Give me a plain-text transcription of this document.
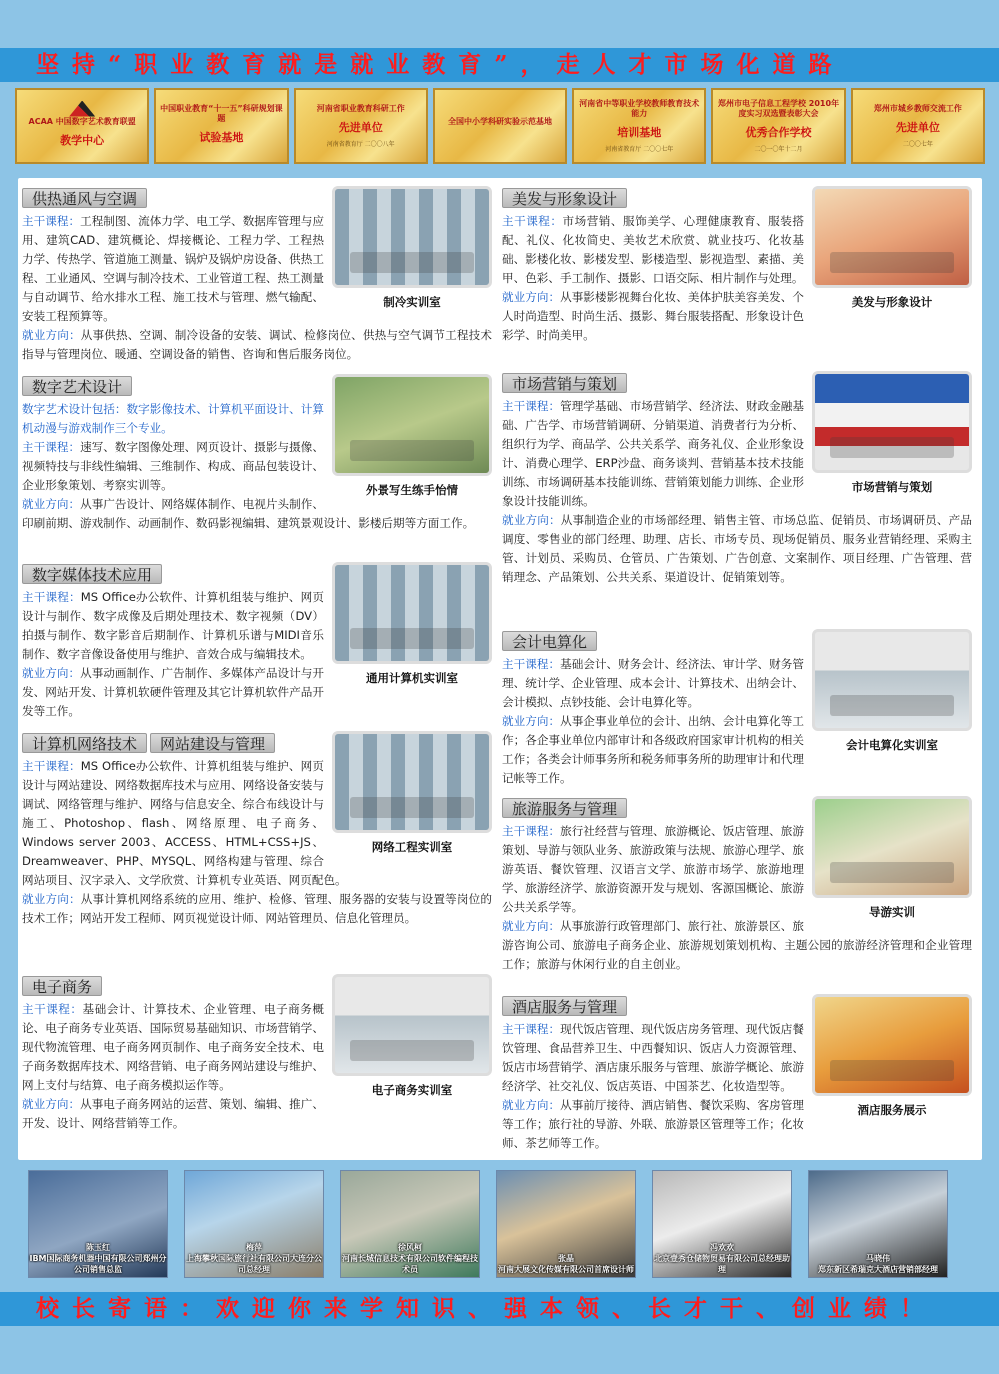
坚持“职业教育就是就业教育”，走人才市场化道路
ACAA 中国数字艺术教育联盟
教学中心
中国职业教育“十一五”科研规划课题
试验基地
河南省职业教育科研工作
先进单位
河南省教育厅 二〇〇八年
全国中小学科研实验示范基地
河南省中等职业学校教师教育技术能力
培训基地
河南省教育厅 二〇〇七年
郑州市电子信息工程学校 2010年度实习双选暨表彰大会
优秀合作学校
二〇一〇年十二月
郑州市城乡教师交流工作
先进单位
二〇〇七年
供热通风与空调
制冷实训室
主干课程：工程制图、流体力学、电工学、数据库管理与应用、建筑CAD、建筑概论、焊接概论、工程力学、工程热力学、传热学、管道施工测量、锅炉及锅炉房设备、供热工程、工业通风、空调与制冷技术、工业管道工程、热工测量与自动调节、给水排水工程、施工技术与管理、燃气输配、安装工程预算等。
就业方向：从事供热、空调、制冷设备的安装、调试、检修岗位、供热与空气调节工程技术指导与管理岗位、暖通、空调设备的销售、咨询和售后服务岗位。
数字艺术设计
外景写生练手怡情
数字艺术设计包括：数字影像技术、计算机平面设计、计算机动漫与游戏制作三个专业。
主干课程：速写、数字图像处理、网页设计、摄影与摄像、视频特技与非线性编辑、三维制作、构成、商品包装设计、企业形象策划、考察实训等。
就业方向：从事广告设计、网络媒体制作、电视片头制作、印刷前期、游戏制作、动画制作、数码影视编辑、建筑景观设计、影楼后期等方面工作。
数字媒体技术应用
通用计算机实训室
主干课程：MS Office办公软件、计算机组装与维护、网页设计与制作、数字成像及后期处理技术、数字视频（DV）拍摄与制作、数字影音后期制作、计算机乐谱与MIDI音乐制作、数字音像设备使用与维护、音效合成与编辑技术。
就业方向：从事动画制作、广告制作、多媒体产品设计与开发、网站开发、计算机软硬件管理及其它计算机软件产品开发等工作。
计算机网络技术 网站建设与管理
网络工程实训室
主干课程：MS Office办公软件、计算机组装与维护、网页设计与网站建设、网络数据库技术与应用、网络设备安装与调试、网络管理与维护、网络与信息安全、综合布线设计与施工、Photoshop、flash、网络原理、电子商务、Windows server 2003、ACCESS、HTML+CSS+JS、Dreamweaver、PHP、MYSQL、网络构建与管理、综合网站项目、汉字录入、文学欣赏、计算机专业英语、网页配色。
就业方向：从事计算机网络系统的应用、维护、检修、管理、服务器的安装与设置等岗位的技术工作；网站开发工程师、网页视觉设计师、网站管理员、信息化管理员。
电子商务
电子商务实训室
主干课程：基础会计、计算技术、企业管理、电子商务概论、电子商务专业英语、国际贸易基础知识、市场营销学、现代物流管理、电子商务网页制作、电子商务安全技术、电子商务数据库技术、网络营销、电子商务网站建设与维护、网上支付与结算、电子商务模拟运作等。
就业方向：从事电子商务网站的运营、策划、编辑、推广、开发、设计、网络营销等工作。
美发与形象设计
美发与形象设计
主干课程：市场营销、服饰美学、心理健康教育、服装搭配、礼仪、化妆简史、美妆艺术欣赏、就业技巧、化妆基础、影楼化妆、影楼发型、影楼造型、影视造型、素描、美甲、色彩、手工制作、摄影、口语交际、相片制作与处理。
就业方向：从事影楼影视舞台化妆、美体护肤美容美发、个人时尚造型、时尚生活、摄影、舞台服装搭配、形象设计色彩学、时尚美甲。
市场营销与策划
市场营销与策划
主干课程：管理学基础、市场营销学、经济法、财政金融基础、广告学、市场营销调研、分销渠道、消费者行为分析、组织行为学、商品学、公共关系学、商务礼仪、企业形象设计、消费心理学、ERP沙盘、商务谈判、营销基本技术技能训练、市场调研基本技能训练、营销策划能力训练、企业形象设计技能训练。
就业方向：从事制造企业的市场部经理、销售主管、市场总监、促销员、市场调研员、产品调度、零售业的部门经理、助理、店长、市场专员、现场促销员、服务业营销经理、采购主管、计划员、采购员、仓管员、广告策划、广告创意、文案制作、项目经理、广告管理、营销理念、产品策划、公共关系、渠道设计、促销策划等。
会计电算化
会计电算化实训室
主干课程：基础会计、财务会计、经济法、审计学、财务管理、统计学、企业管理、成本会计、计算技术、出纳会计、会计模拟、点钞技能、会计电算化等。
就业方向：从事企事业单位的会计、出纳、会计电算化等工作；各企事业单位内部审计和各级政府国家审计机构的相关工作；各类会计师事务所和税务师事务所的助理审计和代理记帐等工作。
旅游服务与管理
导游实训
主干课程：旅行社经营与管理、旅游概论、饭店管理、旅游策划、导游与领队业务、旅游政策与法规、旅游心理学、旅游英语、餐饮管理、汉语言文学、旅游市场学、旅游地理学、旅游经济学、旅游资源开发与规划、客源国概论、旅游公共关系学等。
就业方向：从事旅游行政管理部门、旅行社、旅游景区、旅游咨询公司、旅游电子商务企业、旅游规划策划机构、主题公园的旅游经济管理和企业管理工作；旅游与休闲行业的自主创业。
酒店服务与管理
酒店服务展示
主干课程：现代饭店管理、现代饭店房务管理、现代饭店餐饮管理、食品营养卫生、中西餐知识、饭店人力资源管理、饭店市场营销学、酒店康乐服务与管理、旅游学概论、旅游经济学、社交礼仪、饭店英语、中国茶艺、化妆造型等。
就业方向：从事前厅接待、酒店销售、餐饮采购、客房管理等工作；旅行社的导游、外联、旅游景区管理等工作；化妆师、茶艺师等工作。
陈玉红
IBM国际商务机器中国有限公司郑州分公司销售总监
梅萍
上海攀秋国际旅行社有限公司大连分公司总经理
徐风柯
河南长城信息技术有限公司软件编程技术员
张晶
河南大展文化传媒有限公司首席设计师
冯欢欢
北京壹秀仓储物贸易有限公司总经理助理
马晓伟
郑东新区希瑞克大酒店营销部经理
校长寄语：欢迎你来学知识、强本领、长才干、创业绩！
